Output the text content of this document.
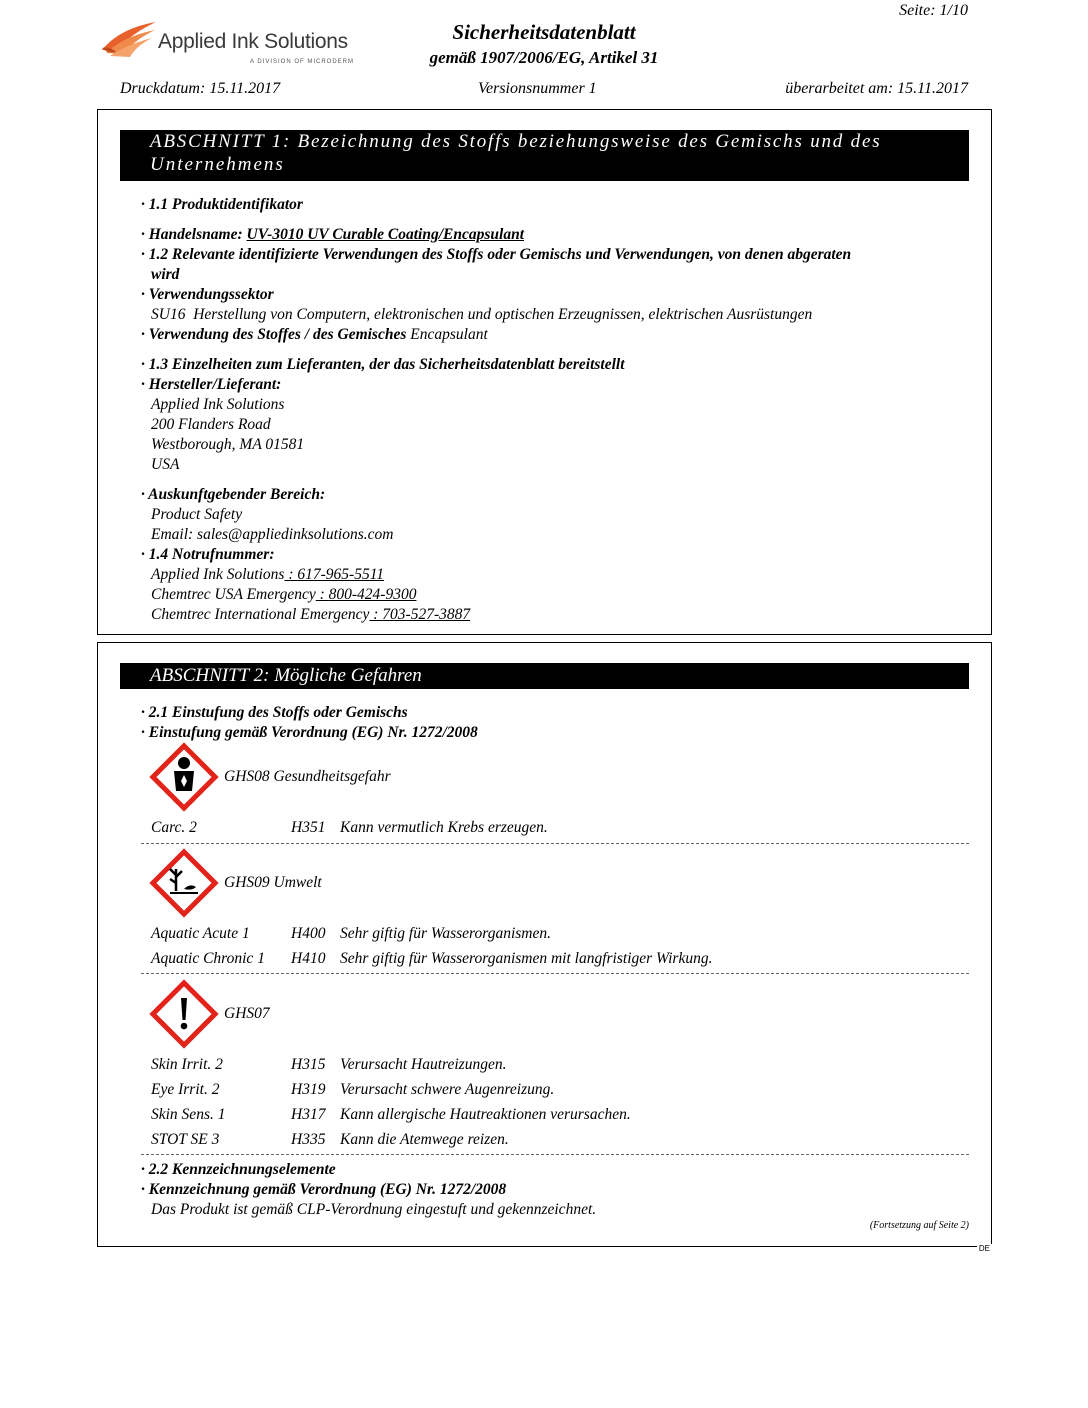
Applied Ink Solutions
A DIVISION OF MICRODERM
Seite: 1/10
Sicherheitsdatenblatt
gemäß 1907/2006/EG, Artikel 31
Druckdatum: 15.11.2017	Versionsnummer 1	überarbeitet am: 15.11.2017
ABSCHNITT 1: Bezeichnung des Stoffs beziehungsweise des Gemischs und des
Unternehmens
· 1.1 Produktidentifikator
· Handelsname: UV-3010 UV Curable Coating/Encapsulant
· 1.2 Relevante identifizierte Verwendungen des Stoffs oder Gemischs und Verwendungen, von denen abgeraten
wird
· Verwendungssektor
SU16 Herstellung von Computern, elektronischen und optischen Erzeugnissen, elektrischen Ausrüstungen
· Verwendung des Stoffes / des Gemisches Encapsulant
· 1.3 Einzelheiten zum Lieferanten, der das Sicherheitsdatenblatt bereitstellt
· Hersteller/Lieferant:
Applied Ink Solutions
200 Flanders Road
Westborough, MA 01581
USA
· Auskunftgebender Bereich:
Product Safety
Email: sales@appliedinksolutions.com
· 1.4 Notrufnummer:
Applied Ink Solutions : 617-965-5511
Chemtrec USA Emergency : 800-424-9300
Chemtrec International Emergency : 703-527-3887
ABSCHNITT 2: Mögliche Gefahren
· 2.1 Einstufung des Stoffs oder Gemischs
· Einstufung gemäß Verordnung (EG) Nr. 1272/2008
GHS08 Gesundheitsgefahr
Carc. 2	H351 Kann vermutlich Krebs erzeugen.
GHS09 Umwelt
Aquatic Acute 1	H400 Sehr giftig für Wasserorganismen.
Aquatic Chronic 1 H410 Sehr giftig für Wasserorganismen mit langfristiger Wirkung.
GHS07
Skin Irrit. 2	H315 Verursacht Hautreizungen.
Eye Irrit. 2	H319 Verursacht schwere Augenreizung.
Skin Sens. 1	H317 Kann allergische Hautreaktionen verursachen.
STOT SE 3	H335 Kann die Atemwege reizen.
· 2.2 Kennzeichnungselemente
· Kennzeichnung gemäß Verordnung (EG) Nr. 1272/2008
Das Produkt ist gemäß CLP-Verordnung eingestuft und gekennzeichnet.
(Fortsetzung auf Seite 2)
DE
